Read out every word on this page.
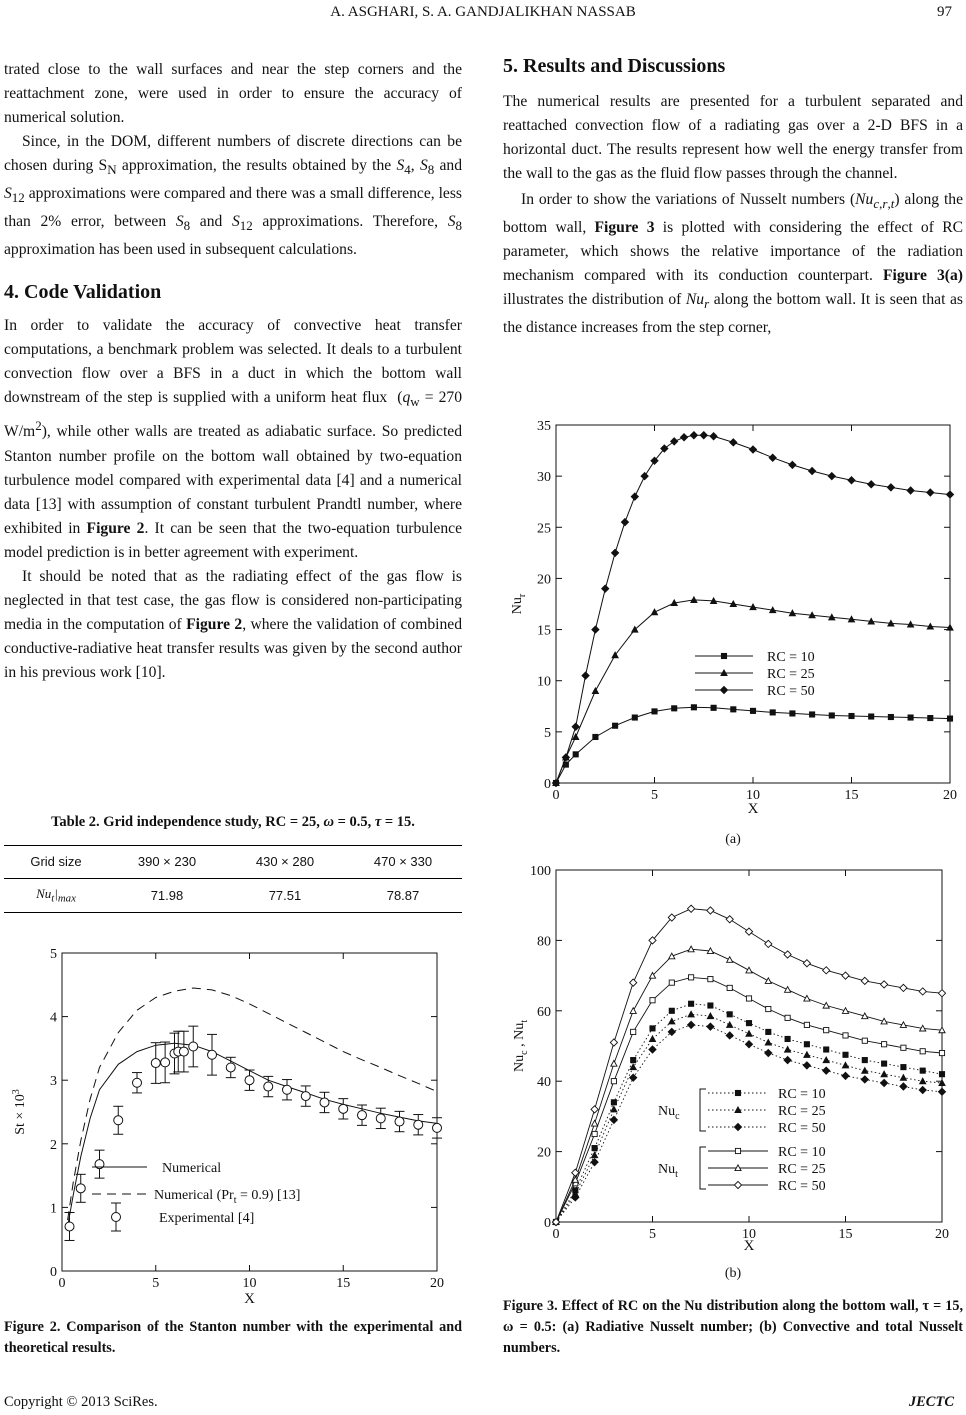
A. ASGHARI, S. A. GANDJALIKHAN NASSAB	97

trated close to the wall surfaces and near the step corners and the reattachment zone, were used in order to ensure the accuracy of numerical solution.

Since, in the DOM, different numbers of discrete directions can be chosen during $S_N$ approximation, the results obtained by the $S_4$, $S_8$ and $S_{12}$ approximations were compared and there was a small difference, less than 2% error, between $S_8$ and $S_{12}$ approximations. Therefore, $S_8$ approximation has been used in subsequent calculations.

4. Code Validation

In order to validate the accuracy of convective heat transfer computations, a benchmark problem was selected. It deals to a turbulent convection flow over a BFS in a duct in which the bottom wall downstream of the step is supplied with a uniform heat flux  ($q_w = 270$ $W/m^2$), while other walls are treated as adiabatic surface. So predicted Stanton number profile on the bottom wall obtained by two-equation turbulence model compared with experimental data [4] and a numerical data [13] with assumption of constant turbulent Prandtl number, where exhibited in Figure 2. It can be seen that the two-equation turbulence model prediction is in better agreement with experiment.

It should be noted that as the radiating effect of the gas flow is neglected in that test case, the gas flow is considered non-participating media in the computation of Figure 2, where the validation of combined conductive-radiative heat transfer results was given by the second author in his previous work [10].

Table 2. Grid independence study, RC = 25, ω = 0.5, τ = 15.
Grid size	390 × 230	430 × 280	470 × 330
$Nu_t|_{max}$	71.98	77.51	78.87
0	5	10	15	20
0
1
2
3
4
5
X
$St \times 10^3$
Numerical
Numerical $(Pr_t = 0.9)$ [13]
Experimental [4]
Figure 2. Comparison of the Stanton number with the experimental and theoretical results.
5. Results and Discussions

The numerical results are presented for a turbulent separated and reattached convection flow of a radiating gas over a 2-D BFS in a horizontal duct. The results represent how well the energy transfer from the wall to the gas as the fluid flow passes through the channel.

In order to show the variations of Nusselt numbers $(Nu_{c,r,t})$ along the bottom wall, Figure 3 is plotted with considering the effect of RC parameter, which shows the relative importance of the radiation mechanism compared with its conduction counterpart. Figure 3(a) illustrates the distribution of $Nu_r$ along the bottom wall. It is seen that as the distance increases from the step corner,

0	5	10	15	20
0
5
10
15
20
25
30
35
X
$Nu_r$
RC = 10
RC = 25
RC = 50
(a)
0	5	10	15	20
0
20
40
60
80
100
X
$Nu_c$ , $Nu_t$
RC = 10
RC = 25
RC = 50
RC = 10
RC = 25
RC = 50
$Nu_c$
$Nu_t$
(b)
Figure 3. Effect of RC on the Nu distribution along the bottom wall, τ = 15, ω = 0.5: (a) Radiative Nusselt number; (b) Convective and total Nusselt numbers.
Copyright © 2013 SciRes.	JECTC
